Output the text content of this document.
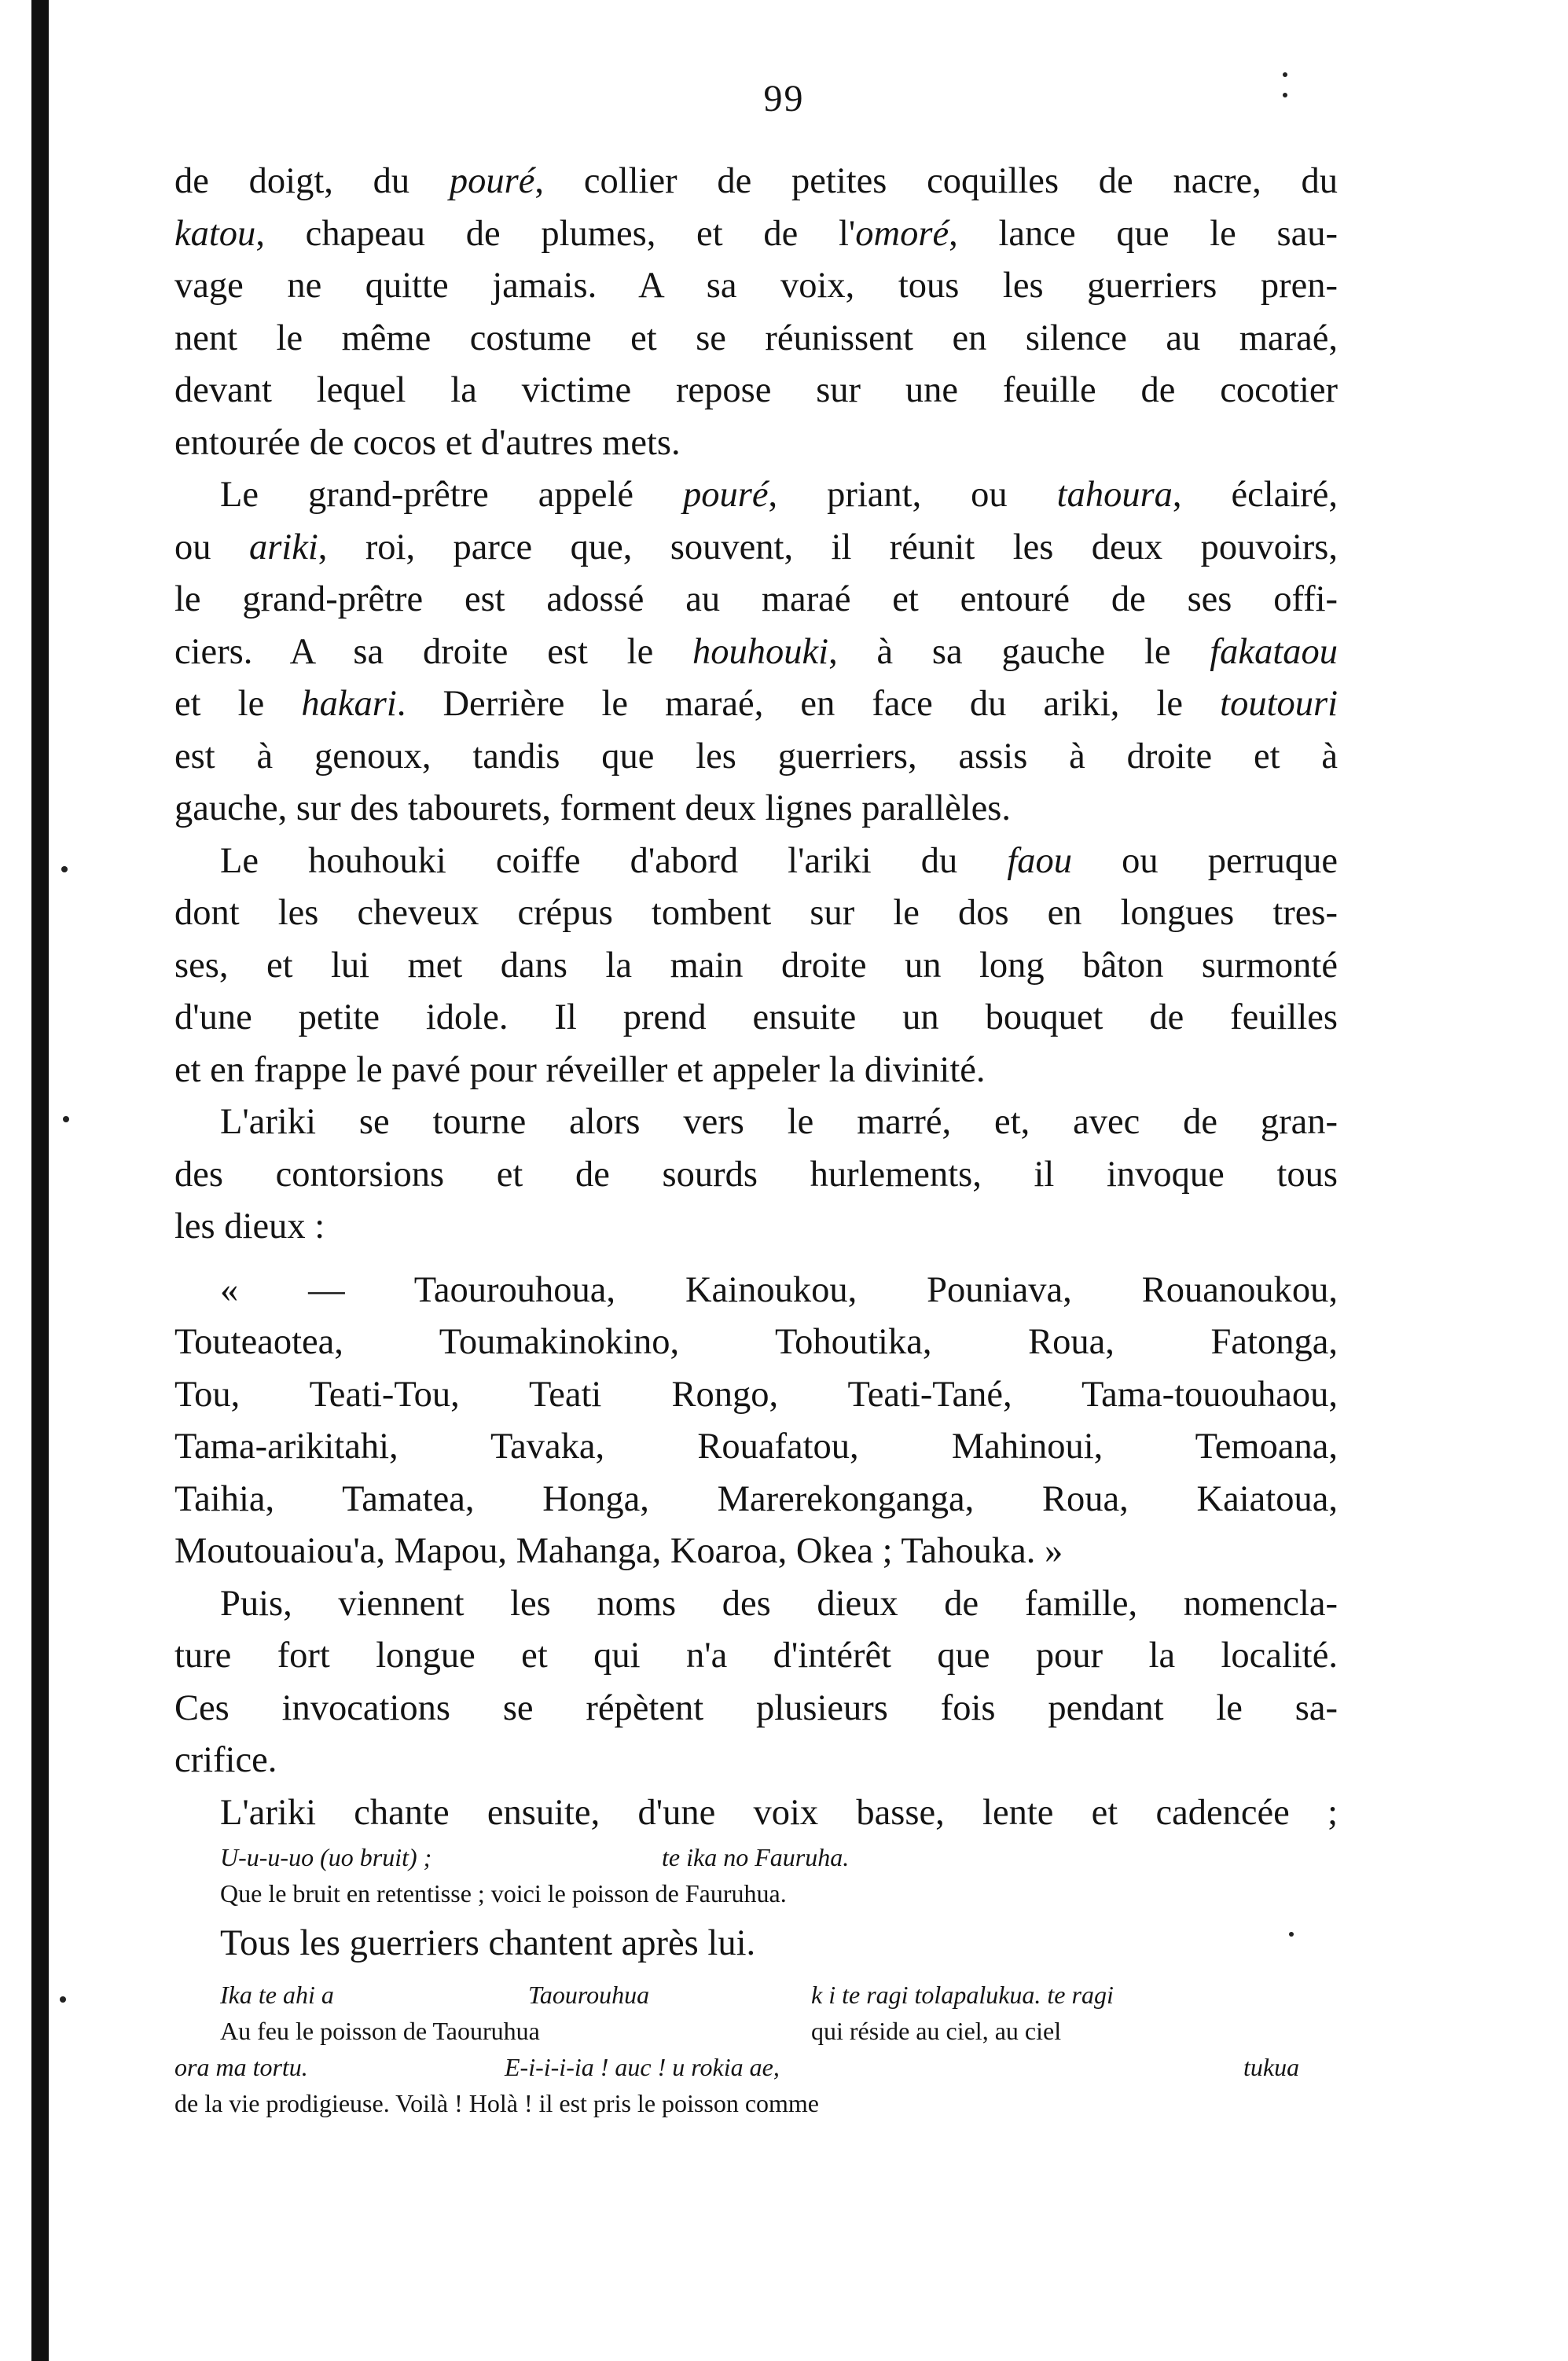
99
de doigt, du pouré, collier de petites coquilles de nacre, du
katou, chapeau de plumes, et de l'omoré, lance que le sau-
vage ne quitte jamais. A sa voix, tous les guerriers pren-
nent le même costume et se réunissent en silence au maraé,
devant lequel la victime repose sur une feuille de cocotier
entourée de cocos et d'autres mets.
Le grand-prêtre appelé pouré, priant, ou tahoura, éclairé,
ou ariki, roi, parce que, souvent, il réunit les deux pouvoirs,
le grand-prêtre est adossé au maraé et entouré de ses offi-
ciers. A sa droite est le houhouki, à sa gauche le fakataou
et le hakari. Derrière le maraé, en face du ariki, le toutouri
est à genoux, tandis que les guerriers, assis à droite et à
gauche, sur des tabourets, forment deux lignes parallèles.
Le houhouki coiffe d'abord l'ariki du faou ou perruque
dont les cheveux crépus tombent sur le dos en longues tres-
ses, et lui met dans la main droite un long bâton surmonté
d'une petite idole. Il prend ensuite un bouquet de feuilles
et en frappe le pavé pour réveiller et appeler la divinité.
L'ariki se tourne alors vers le marré, et, avec de gran-
des contorsions et de sourds hurlements, il invoque tous
les dieux :
« — Taourouhoua, Kainoukou, Pouniava, Rouanoukou,
Touteaotea, Toumakinokino, Tohoutika, Roua, Fatonga,
Tou, Teati-Tou, Teati Rongo, Teati-Tané, Tama-tououhaou,
Tama-arikitahi, Tavaka, Rouafatou, Mahinoui, Temoana,
Taihia, Tamatea, Honga, Marerekonganga, Roua, Kaiatoua,
Moutouaiou'a, Mapou, Mahanga, Koaroa, Okea ; Tahouka. »
Puis, viennent les noms des dieux de famille, nomencla-
ture fort longue et qui n'a d'intérêt que pour la localité.
Ces invocations se répètent plusieurs fois pendant le sa-
crifice.
L'ariki chante ensuite, d'une voix basse, lente et cadencée ;
U-u-u-uo (uo bruit) ;	te ika no Fauruha.
Que le bruit en retentisse ; voici le poisson de Fauruhua.
Tous les guerriers chantent après lui.
Ika te ahi a	Taourouhua	k i te ragi tolapalukua. te ragi
Au feu le poisson de Taouruhua	qui réside au ciel, au ciel
ora ma tortu.	E-i-i-i-ia ! auc ! u rokia ae,	tukua
de la vie prodigieuse. Voilà ! Holà ! il est pris le poisson comme
